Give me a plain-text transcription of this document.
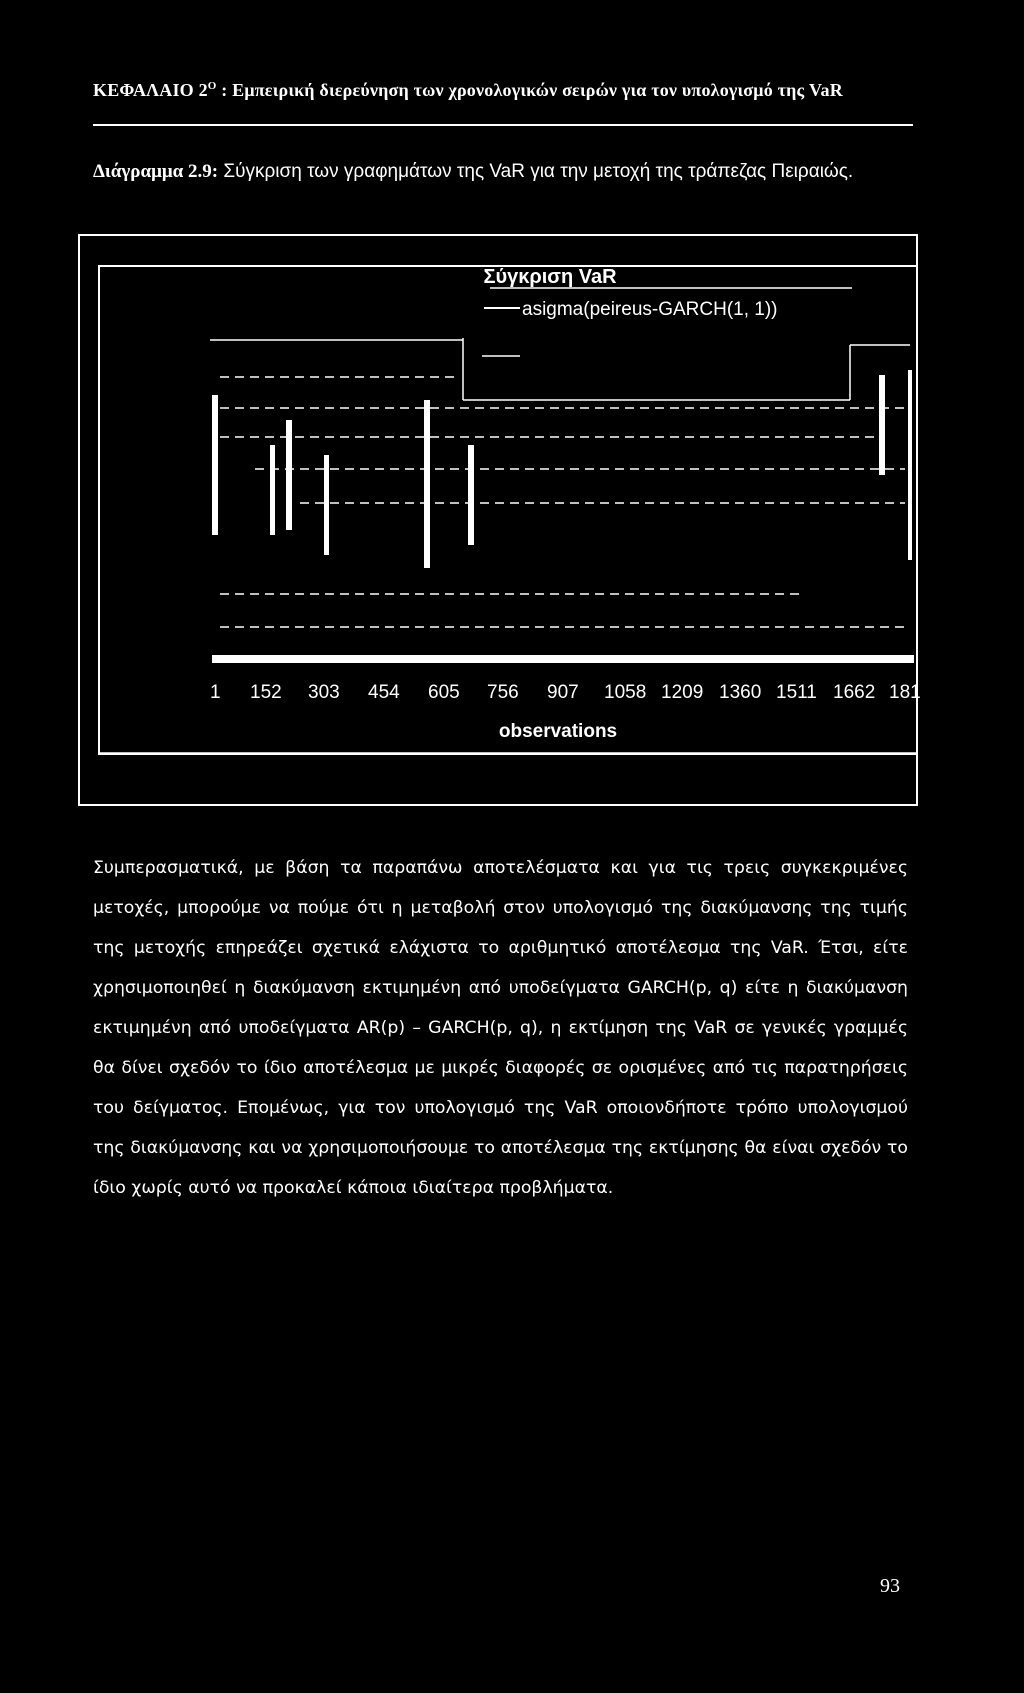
ΚΕΦΑΛΑΙΟ $2^O$ : Εμπειρική διερεύνηση των χρονολογικών σειρών για τον υπολογισμό της VaR
Διάγραμμα 2.9: Σύγκριση των γραφημάτων της VaR για την μετοχή της τράπεζας Πειραιώς.
Σύγκριση VaR
asigma(peireus-GARCH(1, 1))
1 152 303 454 605 756 907 1058 1209 1360 1511 1662 181
observations
Συμπερασματικά, με βάση τα παραπάνω αποτελέσματα και για τις τρεις συγκεκριμένες μετοχές, μπορούμε να πούμε ότι η μεταβολή στον υπολογισμό της διακύμανσης της τιμής της μετοχής επηρεάζει σχετικά ελάχιστα το αριθμητικό αποτέλεσμα της VaR. Έτσι, είτε χρησιμοποιηθεί η διακύμανση εκτιμημένη από υποδείγματα GARCH(p, q) είτε η διακύμανση εκτιμημένη από υποδείγματα AR(p) – GARCH(p, q), η εκτίμηση της VaR σε γενικές γραμμές θα δίνει σχεδόν το ίδιο αποτέλεσμα με μικρές διαφορές σε ορισμένες από τις παρατηρήσεις του δείγματος. Επομένως, για τον υπολογισμό της VaR οποιονδήποτε τρόπο υπολογισμού της διακύμανσης και να χρησιμοποιήσουμε το αποτέλεσμα της εκτίμησης θα είναι σχεδόν το ίδιο χωρίς αυτό να προκαλεί κάποια ιδιαίτερα προβλήματα.
93
